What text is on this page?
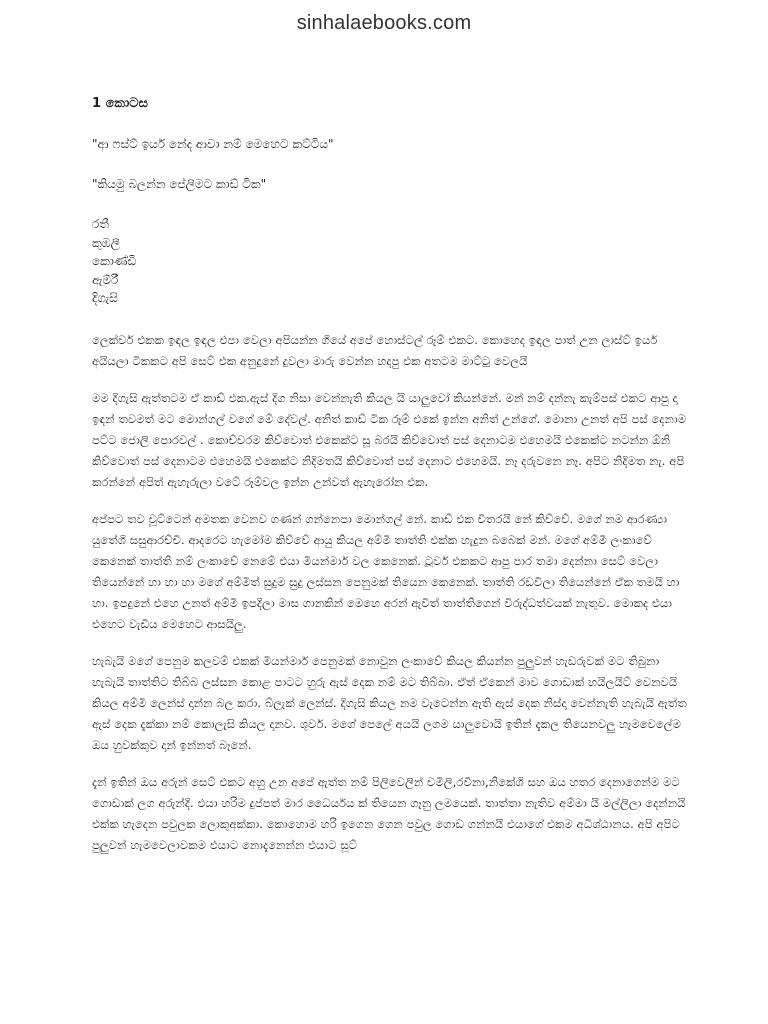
sinhalaebooks.com
1 කොටස

"ආ ෆස්ට් ඉයර් නේද ආවා නම් මෙහෙට කට්ටිය"

"කියමු බලන්න පේලිමට කාඩ් ටික"

රතී
කුඹලී
කොණ්ඩි
ඇම්රී
දිගැසි

ලෙක්චර් එකක ඉඳල ඉඳල එපා වෙලා අපියන්න ගියේ අපේ හොස්ටල් රූම් එකට. කොහෙද ඉඳල පාත් උන ලාස්ට් ඉයර් අයියලා ටිකකට අපි සෙට් එක අනුදුනේ දුවලා මාරු වෙන්න හදපු එක අතටම මාට්ටු වෙලයි

මම දිගැසි ඇත්තටම ඒ කාඩ් එක.ඇස් දිග නිසා වෙන්නැති කියල යි යාලුවෝ කියන්නේ. මන් නම් දන්නැ කැම්පස් එකට ආපු දා ඉඳන් තවමත් මට මොන්ගල් වගේ මේ දේවල්. අනිත් කාඩ් ටික රූම් එකේ ඉන්න අනිත් උන්ගේ. මොනා උනත් අපි පස් දෙනාම පට්ට ජොලි පොරවල් . කොච්චරම කිව්වොත් එකෙක්ට සූ බරයි කිව්වොත් පස් දෙනාටම එහෙමයි එකෙක්ට නටන්න ඕනි කිව්වොත් පස් දෙනාටම එහෙමයි එකෙක්ට නිදිමතයි කිව්වොත් පස් දෙනාට එහෙමයි. නෑ දරුවනෙ නෑ. අපිට නිදිමත නැ. අපි කරන්නේ අපිත් ඇහැරුලා වටේ රූම්වල ඉන්න උන්වත් ඇහැරෝන එක.

අප්පට තව චූට්ටෙන් අමතක වෙනව ගණන් ගන්නෙපා මොන්ගල් නේ. කාඩ් එක විතරයි නේ කිව්වේ. මගේ නම ආරණ්‍යා යුතේශි සසුආරච්චි. ආදරෙට හැමෝම කිව්වේ ආයු කියල අම්මී තාත්ති එක්ක හැදුන බබෙක් මන්. මගේ අම්මී ලංකාවේ කෙනෙක් තාත්ති නම් ලංකාවේ නෙමේ එයා මියන්මාර් වල කෙනෙක්. ටූවර් එකකට ආපු පාර තමා දෙන්නා සෙට් වෙලා තියෙන්නේ හා හා හා මගේ අම්මිත් සුදුම සුදු ලස්සන පෙනුමක් තියෙන කෙනෙක්. තාත්ති රඩවිලා තියෙන්නේ ඒක තමයි හා හා. ඉපදුනේ එහෙ උනත් අම්මි ඉපදිලා මාස ගානකින් මෙහෙ අරන් ඇවිත් තාත්තිගෙන් විරුද්ධත්වයක් නැතුව. මොකද එයා එහෙට වැඩිය මෙහෙට ආසයිලු.

හැබැයි මගේ පෙනුම කලවම් එකක් මියන්මාර් පෙනුමක් නොවුන ලංකාවේ කියල කියන්න පුලුවන් හැඩරුවක් මට තිබුනා හැබැයි තාත්තිට තිබ්බ ලස්සන කොළ පාටට හුරු ඇස් දෙක නම් මට තිබ්බා. ඒත් ඒකෙන් මාව ගොඩාක් හයිලයිට් වෙනවයි කියල අම්මි ලෙන්ස් දාන්න බල කරා. බ්ලැක් ලෙන්ස්. දිගැසි කියල නම වැටෙන්න ඇති ඇස් දෙක නිස්දා වෙන්නැති හැබැයි ඇත්ත ඇස් දෙක දැක්කා නම් කොලැසි කියල දානව. ශුවර්. මගේ පෙලේ අයයි ලගම යාලුවොයි ඉතින් දැකල තියෙනවලු හැමවෙලේම ඔය හුවක්කුව දාන් ඉන්නත් බෑනේ.

දැන් ඉතින් ඔය අරුන් සෙට් එකට අහු උන අපේ ඇත්ත නම් පිලිවෙලින් චමිලි,රවීනා,නිකේශි සහ ඔය හතර දෙනාගෙන්ම මට ගොඩාක් ලග අරුන්දි. එයා හරිම දුප්පත් මාර ධෛර්යය ක් තියෙන ගෑනු ලමයෙක්. තාත්තා නැතිව අම්මා යි මල්ලිලා දෙන්නයි එක්ක හැදෙන පවුලක ලොකුඅක්කා. කොහොම හරි ඉගෙන ගෙන පවුල ගොඩ ගන්නයි එයාගේ එකම අධිශ්ඨානය. අපි අපිට පුලුවන් හැමවෙලාවකම එයාට නොදැනෙන්න එයාට සූට්
